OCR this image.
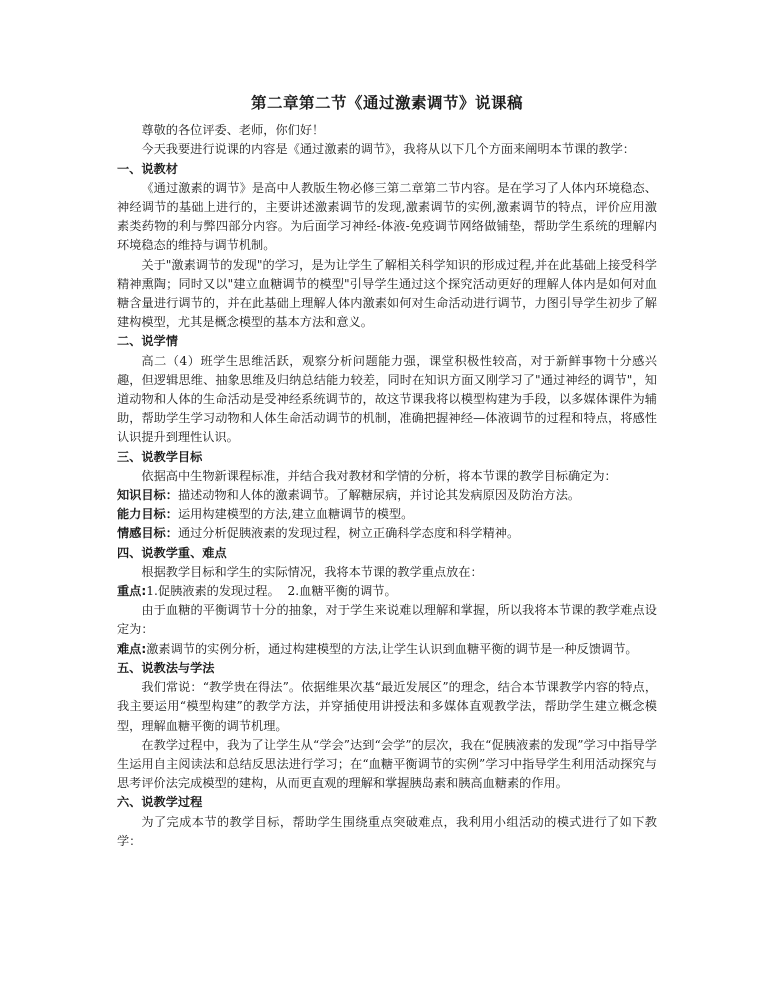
第二章第二节《通过激素调节》说课稿

尊敬的各位评委、老师，你们好！

今天我要进行说课的内容是《通过激素的调节》，我将从以下几个方面来阐明本节课的教学：

一、说教材

《通过激素的调节》是高中人教版生物必修三第二章第二节内容。是在学习了人体内环境稳态、神经调节的基础上进行的，主要讲述激素调节的发现,激素调节的实例,激素调节的特点，评价应用激素类药物的利与弊四部分内容。为后面学习神经-体液-免疫调节网络做铺垫，帮助学生系统的理解内环境稳态的维持与调节机制。

关于"激素调节的发现"的学习，是为让学生了解相关科学知识的形成过程,并在此基础上接受科学精神熏陶；同时又以"建立血糖调节的模型"引导学生通过这个探究活动更好的理解人体内是如何对血糖含量进行调节的，并在此基础上理解人体内激素如何对生命活动进行调节，力图引导学生初步了解建构模型，尤其是概念模型的基本方法和意义。

二、说学情

高二（4）班学生思维活跃，观察分析问题能力强，课堂积极性较高，对于新鲜事物十分感兴趣，但逻辑思维、抽象思维及归纳总结能力较差，同时在知识方面又刚学习了"通过神经的调节"，知道动物和人体的生命活动是受神经系统调节的，故这节课我将以模型构建为手段，以多媒体课件为辅助，帮助学生学习动物和人体生命活动调节的机制，准确把握神经—体液调节的过程和特点，将感性认识提升到理性认识。

三、说教学目标

依据高中生物新课程标准，并结合我对教材和学情的分析，将本节课的教学目标确定为：

知识目标：描述动物和人体的激素调节。了解糖尿病，并讨论其发病原因及防治方法。

能力目标：运用构建模型的方法,建立血糖调节的模型。

情感目标：通过分析促胰液素的发现过程，树立正确科学态度和科学精神。

四、说教学重、难点

根据教学目标和学生的实际情况，我将本节课的教学重点放在：

重点:1.促胰液素的发现过程。  2.血糖平衡的调节。

由于血糖的平衡调节十分的抽象，对于学生来说难以理解和掌握，所以我将本节课的教学难点设定为：

难点:激素调节的实例分析，通过构建模型的方法,让学生认识到血糖平衡的调节是一种反馈调节。

五、说教法与学法

我们常说：“教学贵在得法”。依据维果次基“最近发展区”的理念，结合本节课教学内容的特点，我主要运用“模型构建”的教学方法，并穿插使用讲授法和多媒体直观教学法，帮助学生建立概念模型，理解血糖平衡的调节机理。

在教学过程中，我为了让学生从“学会”达到“会学”的层次，我在“促胰液素的发现”学习中指导学生运用自主阅读法和总结反思法进行学习；在“血糖平衡调节的实例”学习中指导学生利用活动探究与思考评价法完成模型的建构，从而更直观的理解和掌握胰岛素和胰高血糖素的作用。

六、说教学过程

为了完成本节的教学目标，帮助学生围绕重点突破难点，我利用小组活动的模式进行了如下教学：
